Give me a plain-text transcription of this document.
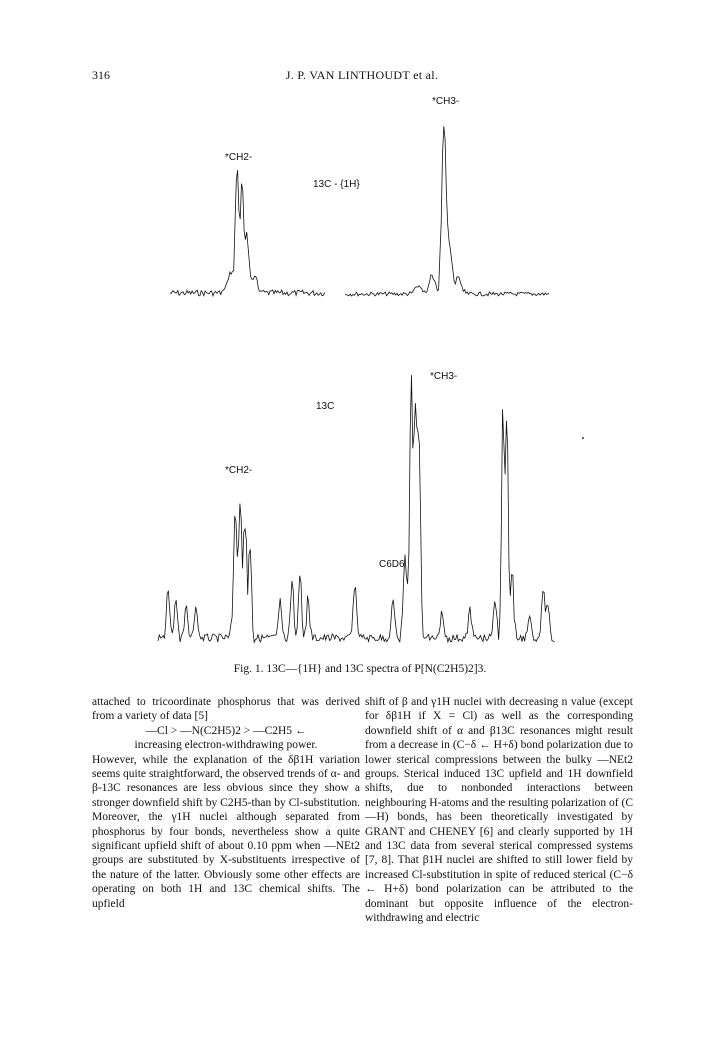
316	J. P. VAN LINTHOUDT et al.
*CH2-
13C - {1H}
*CH3-
13C
*CH2-
*CH3-
C6D6
Fig. 1. 13C—{1H} and 13C spectra of P[N(C2H5)2]3.

attached to tricoordinate phosphorus that was derived from a variety of data [5]

—Cl > —N(C2H5)2 > —C2H5 ←

increasing electron-withdrawing power.

However, while the explanation of the δβ1H variation seems quite straightforward, the observed trends of α- and β-13C resonances are less obvious since they show a stronger downfield shift by C2H5-than by Cl-substitution. Moreover, the γ1H nuclei although separated from phosphorus by four bonds, nevertheless show a quite significant upfield shift of about 0.10 ppm when —NEt2 groups are substituted by X-substituents irrespective of the nature of the latter. Obviously some other effects are operating on both 1H and 13C chemical shifts. The upfield

shift of β and γ1H nuclei with decreasing n value (except for δβ1H if X = Cl) as well as the corresponding downfield shift of α and β13C resonances might result from a decrease in (C−δ ← H+δ) bond polarization due to lower sterical compressions between the bulky —NEt2 groups. Sterical induced 13C upfield and 1H downfield shifts, due to nonbonded interactions between neighbouring H-atoms and the resulting polarization of (C—H) bonds, has been theoretically investigated by GRANT and CHENEY [6] and clearly supported by 1H and 13C data from several sterical compressed systems [7, 8]. That β1H nuclei are shifted to still lower field by increased Cl-substitution in spite of reduced sterical (C−δ ← H+δ) bond polarization can be attributed to the dominant but opposite influence of the electron-withdrawing and electric
